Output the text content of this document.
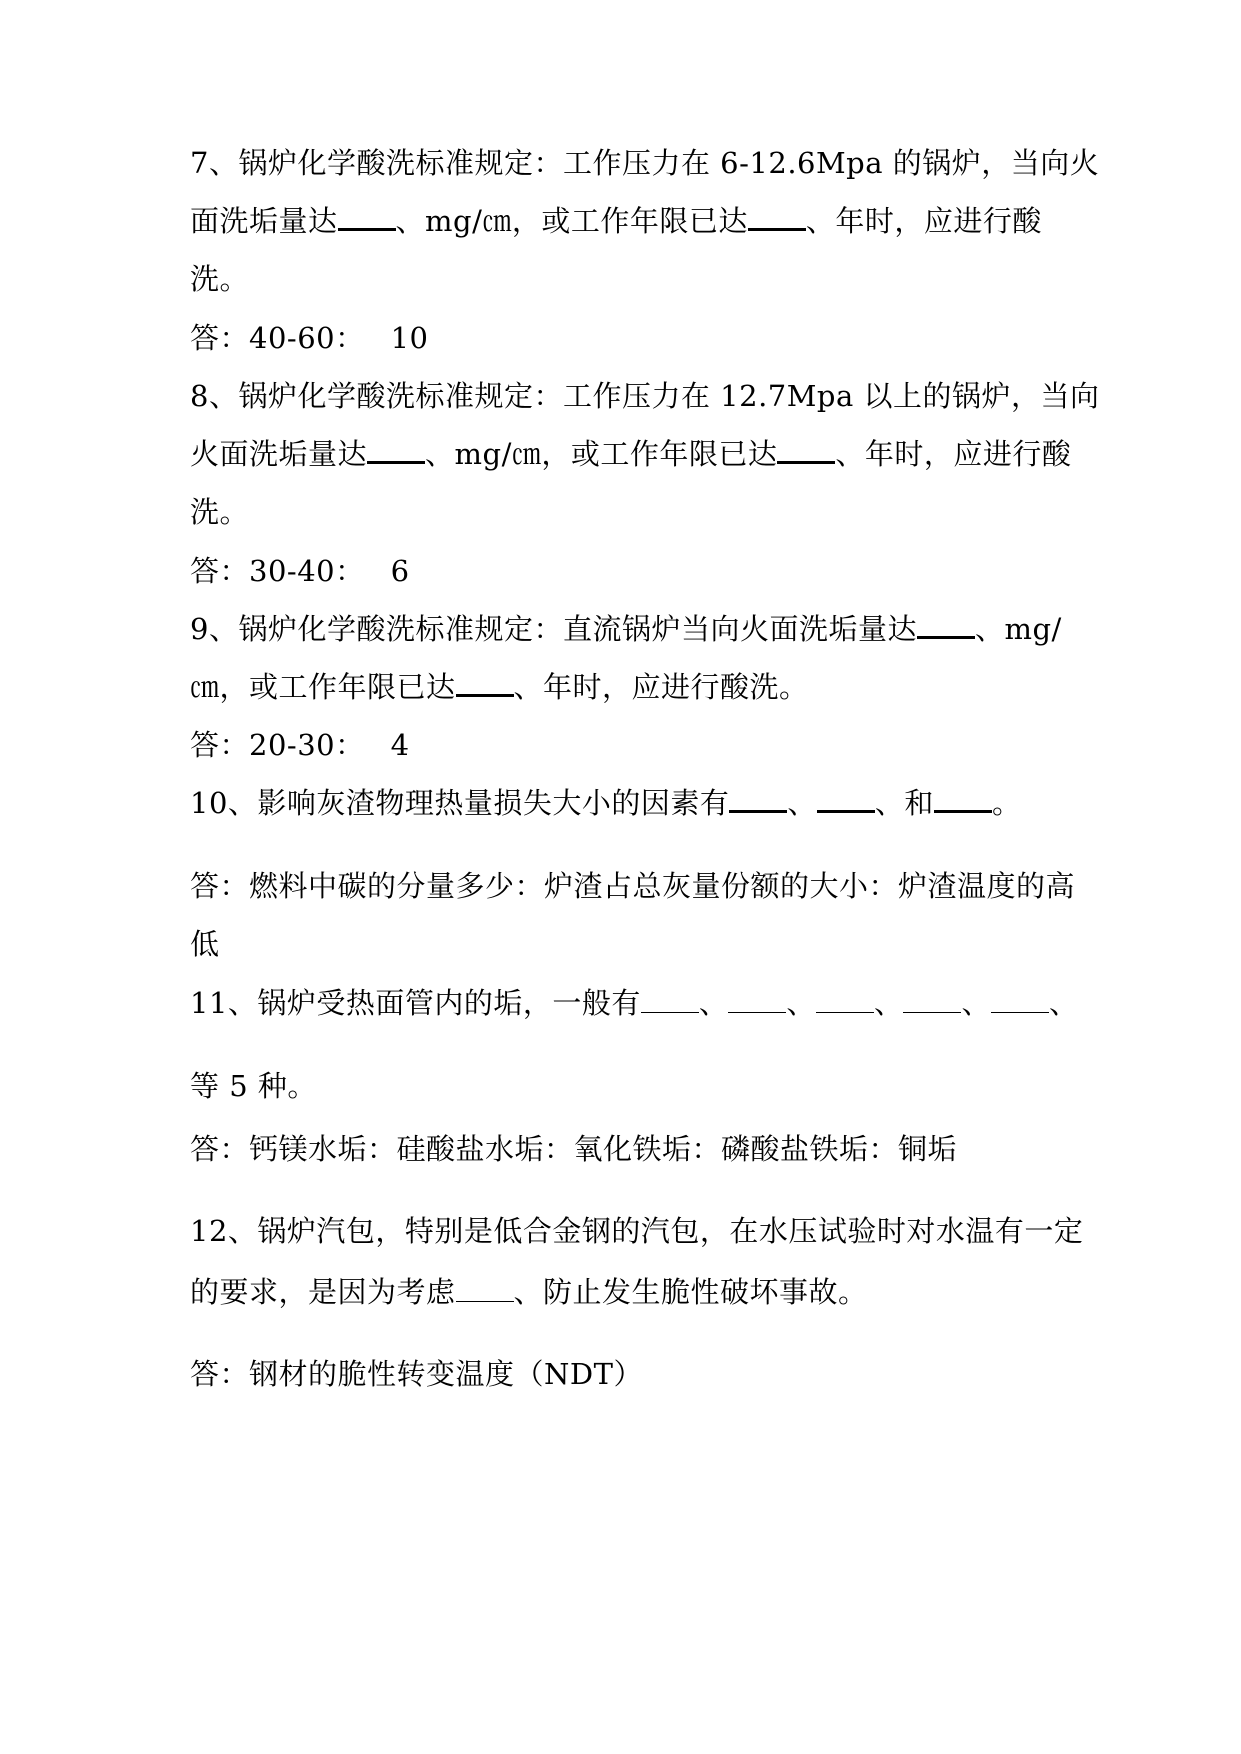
7、锅炉化学酸洗标准规定：工作压力在 6-12.6Mpa 的锅炉，当向火
面洗垢量达 、mg/㎝，或工作年限已达 、年时，应进行酸
洗。
答：40-60： 10
8、锅炉化学酸洗标准规定：工作压力在 12.7Mpa 以上的锅炉，当向
火面洗垢量达 、mg/㎝，或工作年限已达 、年时，应进行酸
洗。
答：30-40： 6
9、锅炉化学酸洗标准规定：直流锅炉当向火面洗垢量达 、mg/
㎝，或工作年限已达 、年时，应进行酸洗。
答：20-30： 4
10、影响灰渣物理热量损失大小的因素有 、 、和 。
答：燃料中碳的分量多少：炉渣占总灰量份额的大小：炉渣温度的高
低
11、锅炉受热面管内的垢，一般有 、 、 、 、 、
等 5 种。
答：钙镁水垢：硅酸盐水垢：氧化铁垢：磷酸盐铁垢：铜垢
12、锅炉汽包，特别是低合金钢的汽包，在水压试验时对水温有一定
的要求，是因为考虑 、防止发生脆性破坏事故。
答：钢材的脆性转变温度（NDT）
